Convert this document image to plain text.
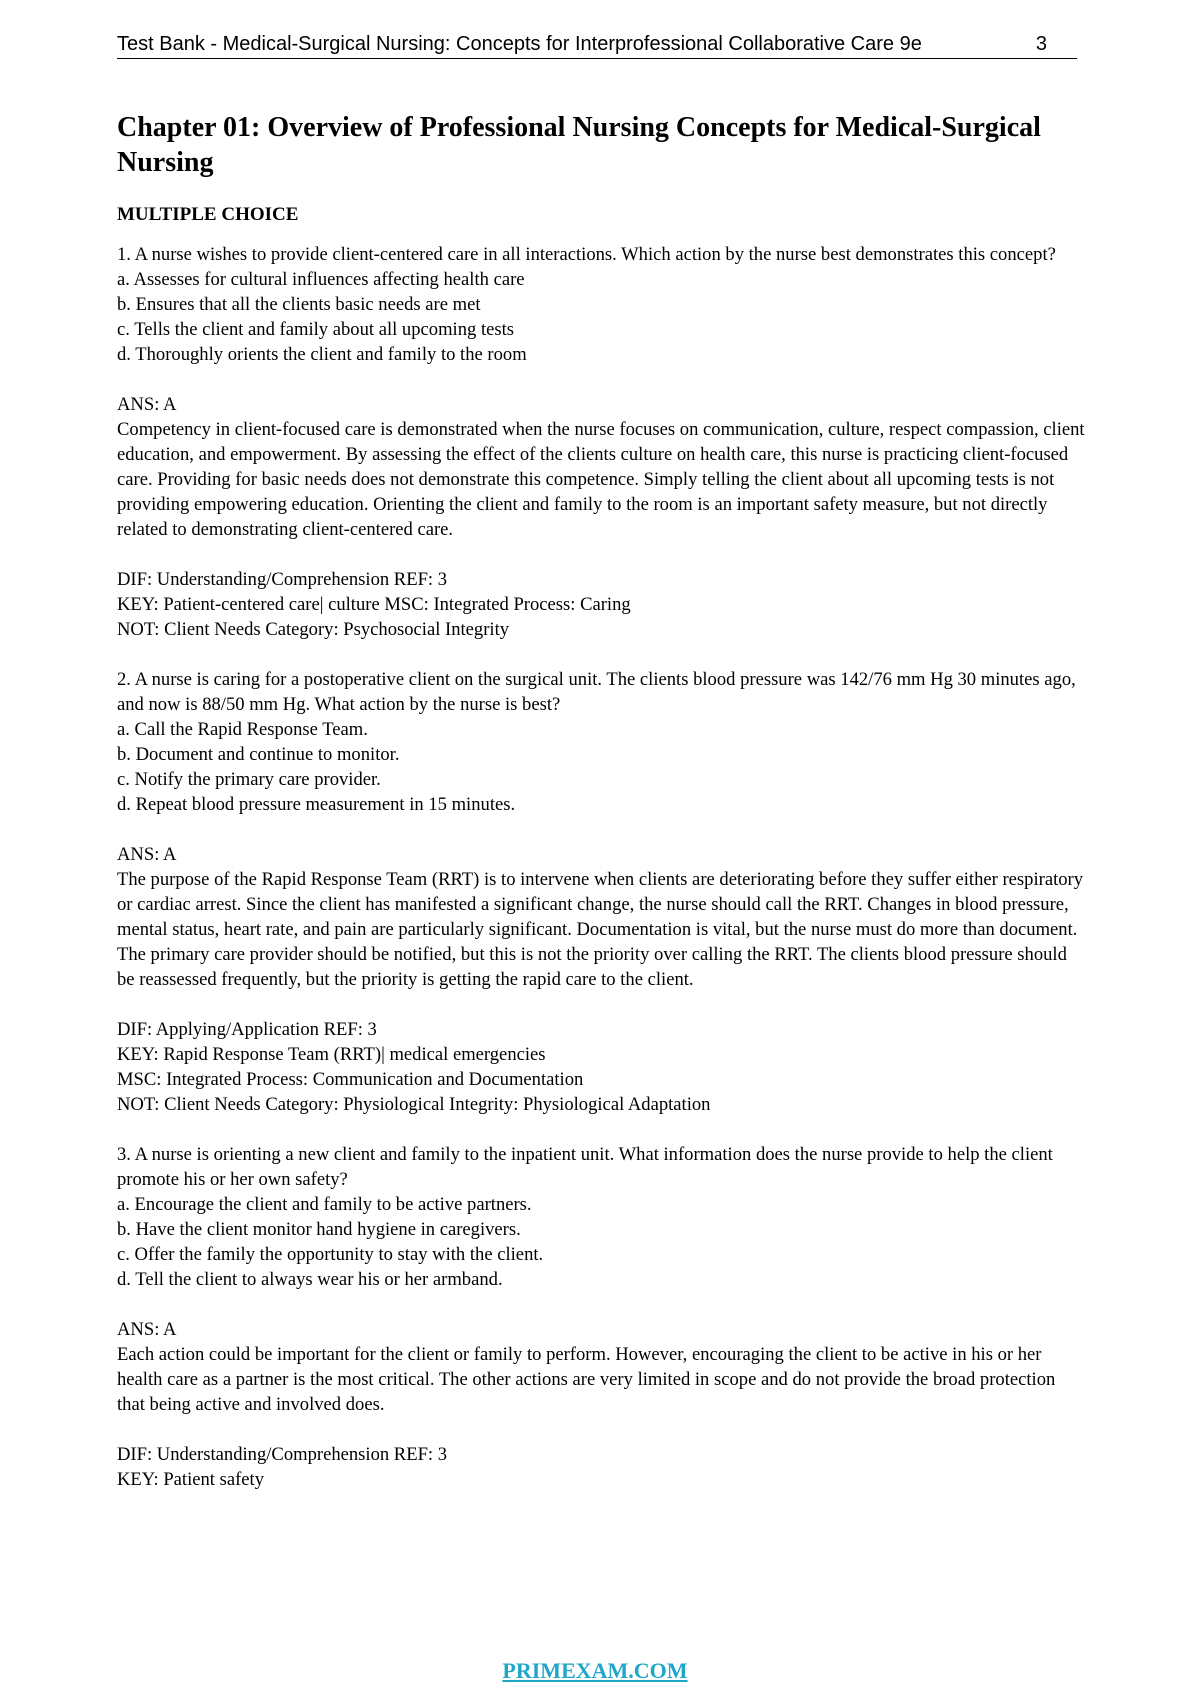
Test Bank - Medical-Surgical Nursing: Concepts for Interprofessional Collaborative Care 9e	3
Chapter 01: Overview of Professional Nursing Concepts for Medical-Surgical Nursing
MULTIPLE CHOICE

1. A nurse wishes to provide client-centered care in all interactions. Which action by the nurse best demonstrates this concept?

a. Assesses for cultural influences affecting health care
b. Ensures that all the clients basic needs are met
c. Tells the client and family about all upcoming tests
d. Thoroughly orients the client and family to the room

ANS: A

Competency in client-focused care is demonstrated when the nurse focuses on communication, culture, respect compassion, client education, and empowerment. By assessing the effect of the clients culture on health care, this nurse is practicing client-focused care. Providing for basic needs does not demonstrate this competence. Simply telling the client about all upcoming tests is not providing empowering education. Orienting the client and family to the room is an important safety measure, but not directly related to demonstrating client-centered care.

DIF: Understanding/Comprehension REF: 3

KEY: Patient-centered care| culture MSC: Integrated Process: Caring

NOT: Client Needs Category: Psychosocial Integrity

2. A nurse is caring for a postoperative client on the surgical unit. The clients blood pressure was 142/76 mm Hg 30 minutes ago, and now is 88/50 mm Hg. What action by the nurse is best?

a. Call the Rapid Response Team.
b. Document and continue to monitor.
c. Notify the primary care provider.
d. Repeat blood pressure measurement in 15 minutes.

ANS: A

The purpose of the Rapid Response Team (RRT) is to intervene when clients are deteriorating before they suffer either respiratory or cardiac arrest. Since the client has manifested a significant change, the nurse should call the RRT. Changes in blood pressure, mental status, heart rate, and pain are particularly significant. Documentation is vital, but the nurse must do more than document. The primary care provider should be notified, but this is not the priority over calling the RRT. The clients blood pressure should be reassessed frequently, but the priority is getting the rapid care to the client.

DIF: Applying/Application REF: 3

KEY: Rapid Response Team (RRT)| medical emergencies

MSC: Integrated Process: Communication and Documentation

NOT: Client Needs Category: Physiological Integrity: Physiological Adaptation

3. A nurse is orienting a new client and family to the inpatient unit. What information does the nurse provide to help the client promote his or her own safety?

a. Encourage the client and family to be active partners.
b. Have the client monitor hand hygiene in caregivers.
c. Offer the family the opportunity to stay with the client.
d. Tell the client to always wear his or her armband.

ANS: A

Each action could be important for the client or family to perform. However, encouraging the client to be active in his or her health care as a partner is the most critical. The other actions are very limited in scope and do not provide the broad protection that being active and involved does.

DIF: Understanding/Comprehension REF: 3

KEY: Patient safety

PRIMEXAM.COM
